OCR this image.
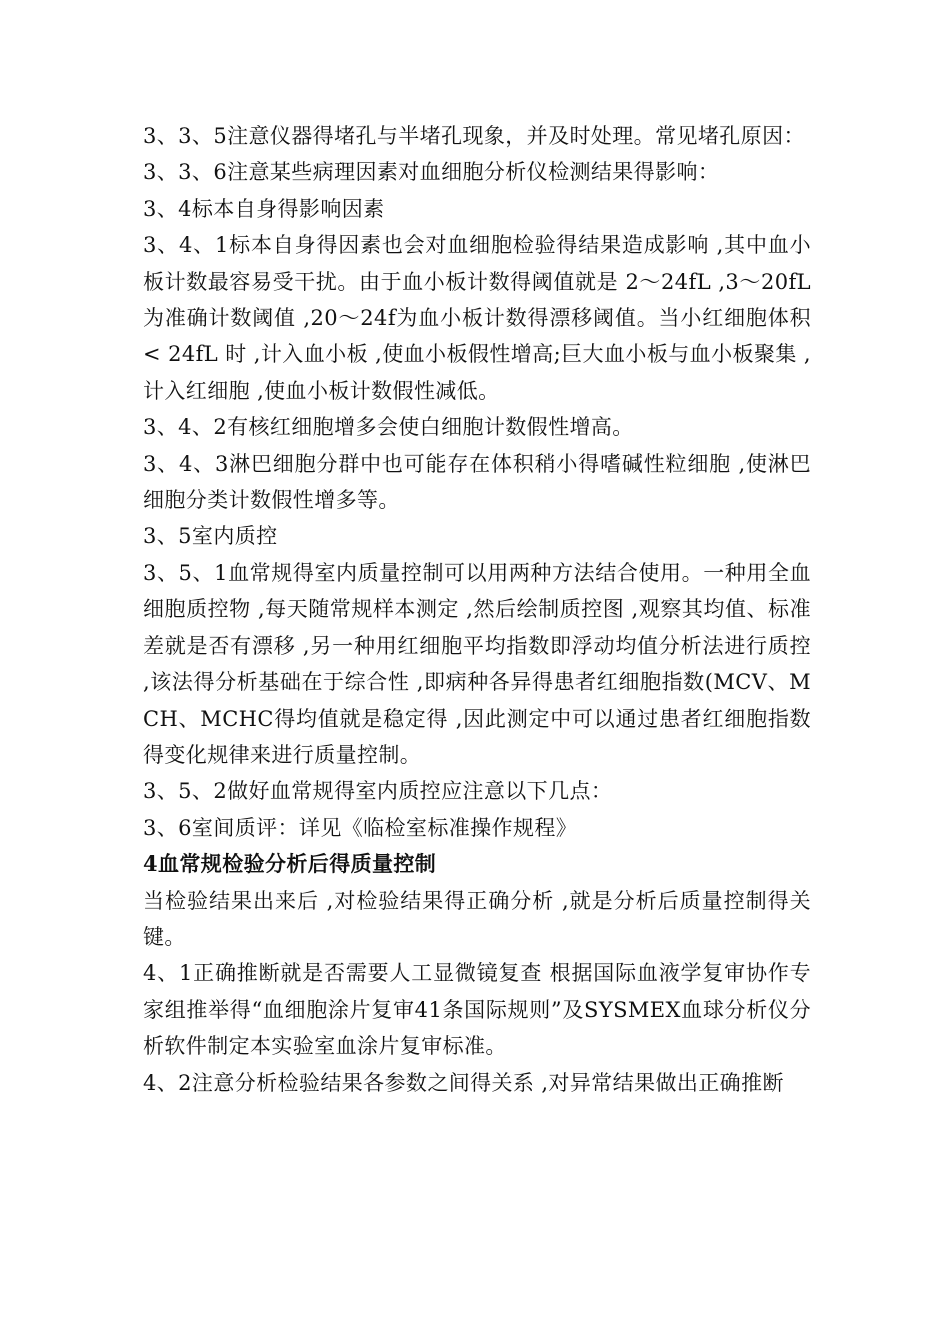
3、3、5注意仪器得堵孔与半堵孔现象，并及时处理。常见堵孔原因：

3、3、6注意某些病理因素对血细胞分析仪检测结果得影响：

3、4标本自身得影响因素

3、4、1标本自身得因素也会对血细胞检验得结果造成影响 ,其中血小板计数最容易受干扰。由于血小板计数得阈值就是 2～24fL ,3～20fL 为准确计数阈值 ,20～24f为血小板计数得漂移阈值。当小红细胞体积 < 24fL 时 ,计入血小板 ,使血小板假性增高;巨大血小板与血小板聚集 ,计入红细胞 ,使血小板计数假性减低。

3、4、2有核红细胞增多会使白细胞计数假性增高。

3、4、3淋巴细胞分群中也可能存在体积稍小得嗜碱性粒细胞 ,使淋巴细胞分类计数假性增多等。

3、5室内质控

3、5、1血常规得室内质量控制可以用两种方法结合使用。一种用全血细胞质控物 ,每天随常规样本测定 ,然后绘制质控图 ,观察其均值、标准差就是否有漂移 ,另一种用红细胞平均指数即浮动均值分析法进行质控 ,该法得分析基础在于综合性 ,即病种各异得患者红细胞指数(MCV、MCH、MCHC得均值就是稳定得 ,因此测定中可以通过患者红细胞指数得变化规律来进行质量控制。

3、5、2做好血常规得室内质控应注意以下几点：

3、6室间质评：详见《临检室标准操作规程》

4血常规检验分析后得质量控制

当检验结果出来后 ,对检验结果得正确分析 ,就是分析后质量控制得关键。

4、1正确推断就是否需要人工显微镜复查 根据国际血液学复审协作专家组推举得“血细胞涂片复审41条国际规则”及SYSMEX血球分析仪分析软件制定本实验室血涂片复审标准。

4、2注意分析检验结果各参数之间得关系 ,对异常结果做出正确推断
